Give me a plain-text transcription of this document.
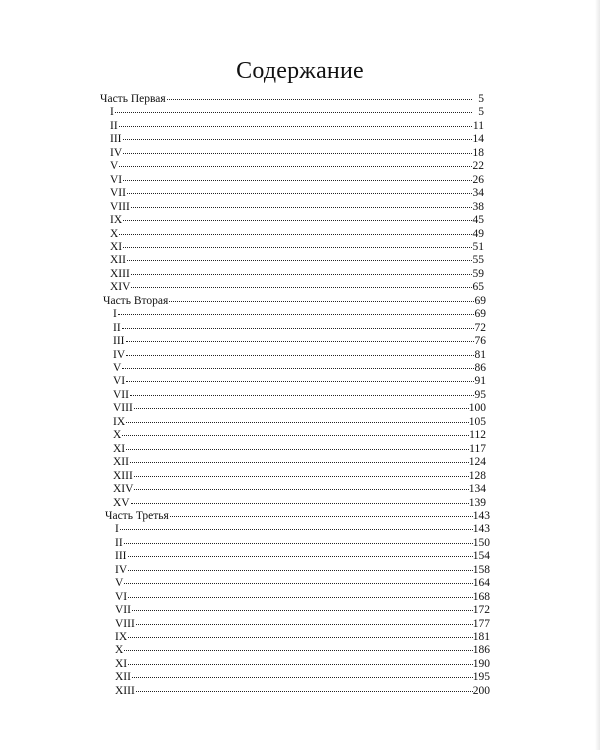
Содержание
Часть Первая	5
I	5
II	11
III	14
IV	18
V	22
VI	26
VII	34
VIII	38
IX	45
X	49
XI	51
XII	55
XIII	59
XIV	65
Часть Вторая	69
I	69
II	72
III	76
IV	81
V	86
VI	91
VII	95
VIII	100
IX	105
X	112
XI	117
XII	124
XIII	128
XIV	134
XV	139
Часть Третья	143
I	143
II	150
III	154
IV	158
V	164
VI	168
VII	172
VIII	177
IX	181
X	186
XI	190
XII	195
XIII	200
